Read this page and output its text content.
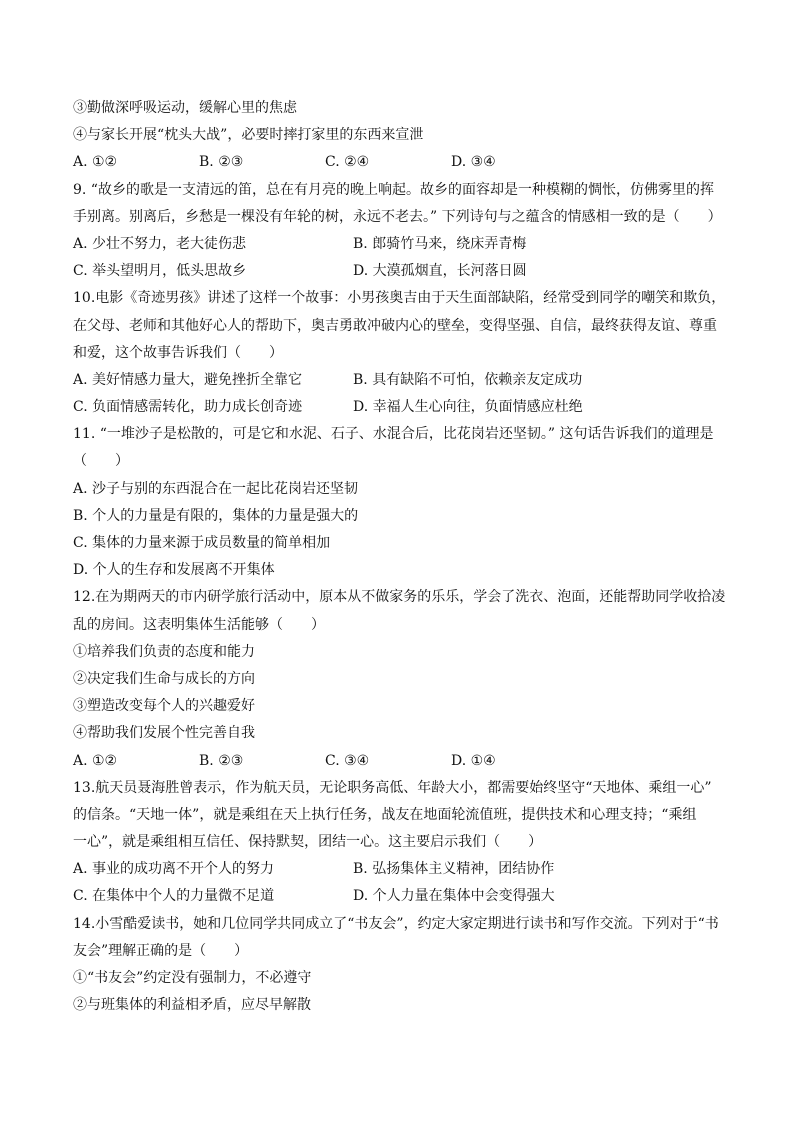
③勤做深呼吸运动，缓解心里的焦虑
④与家长开展“枕头大战”，必要时摔打家里的东西来宣泄
A. ①②	B. ②③	C. ②④	D. ③④
9. “故乡的歌是一支清远的笛，总在有月亮的晚上响起。故乡的面容却是一种模糊的惆怅，仿佛雾里的挥
手别离。别离后，乡愁是一棵没有年轮的树，永远不老去。” 下列诗句与之蕴含的情感相一致的是（　　）
A. 少壮不努力，老大徒伤悲	B. 郎骑竹马来，绕床弄青梅
C. 举头望明月，低头思故乡	D. 大漠孤烟直，长河落日圆
10.电影《奇迹男孩》讲述了这样一个故事：小男孩奥吉由于天生面部缺陷，经常受到同学的嘲笑和欺负，
在父母、老师和其他好心人的帮助下，奥吉勇敢冲破内心的壁垒，变得坚强、自信，最终获得友谊、尊重
和爱，这个故事告诉我们（　　）
A. 美好情感力量大，避免挫折全靠它	B. 具有缺陷不可怕，依赖亲友定成功
C. 负面情感需转化，助力成长创奇迹	D. 幸福人生心向往，负面情感应杜绝
11. “一堆沙子是松散的，可是它和水泥、石子、水混合后，比花岗岩还坚韧。” 这句话告诉我们的道理是
（　　）
A. 沙子与别的东西混合在一起比花岗岩还坚韧
B. 个人的力量是有限的，集体的力量是强大的
C. 集体的力量来源于成员数量的简单相加
D. 个人的生存和发展离不开集体
12.在为期两天的市内研学旅行活动中，原本从不做家务的乐乐，学会了洗衣、泡面，还能帮助同学收拾凌
乱的房间。这表明集体生活能够（　　）
①培养我们负责的态度和能力
②决定我们生命与成长的方向
③塑造改变每个人的兴趣爱好
④帮助我们发展个性完善自我
A. ①②	B. ②③	C. ③④	D. ①④
13.航天员聂海胜曾表示，作为航天员，无论职务高低、年龄大小，都需要始终坚守“天地体、乘组一心”
的信条。“天地一体”，就是乘组在天上执行任务，战友在地面轮流值班，提供技术和心理支持；“乘组
一心”，就是乘组相互信任、保持默契，团结一心。这主要启示我们（　　）
A. 事业的成功离不开个人的努力	B. 弘扬集体主义精神，团结协作
C. 在集体中个人的力量微不足道	D. 个人力量在集体中会变得强大
14.小雪酷爱读书，她和几位同学共同成立了“书友会”，约定大家定期进行读书和写作交流。下列对于“书
友会”理解正确的是（　　）
①“书友会”约定没有强制力，不必遵守
②与班集体的利益相矛盾，应尽早解散
